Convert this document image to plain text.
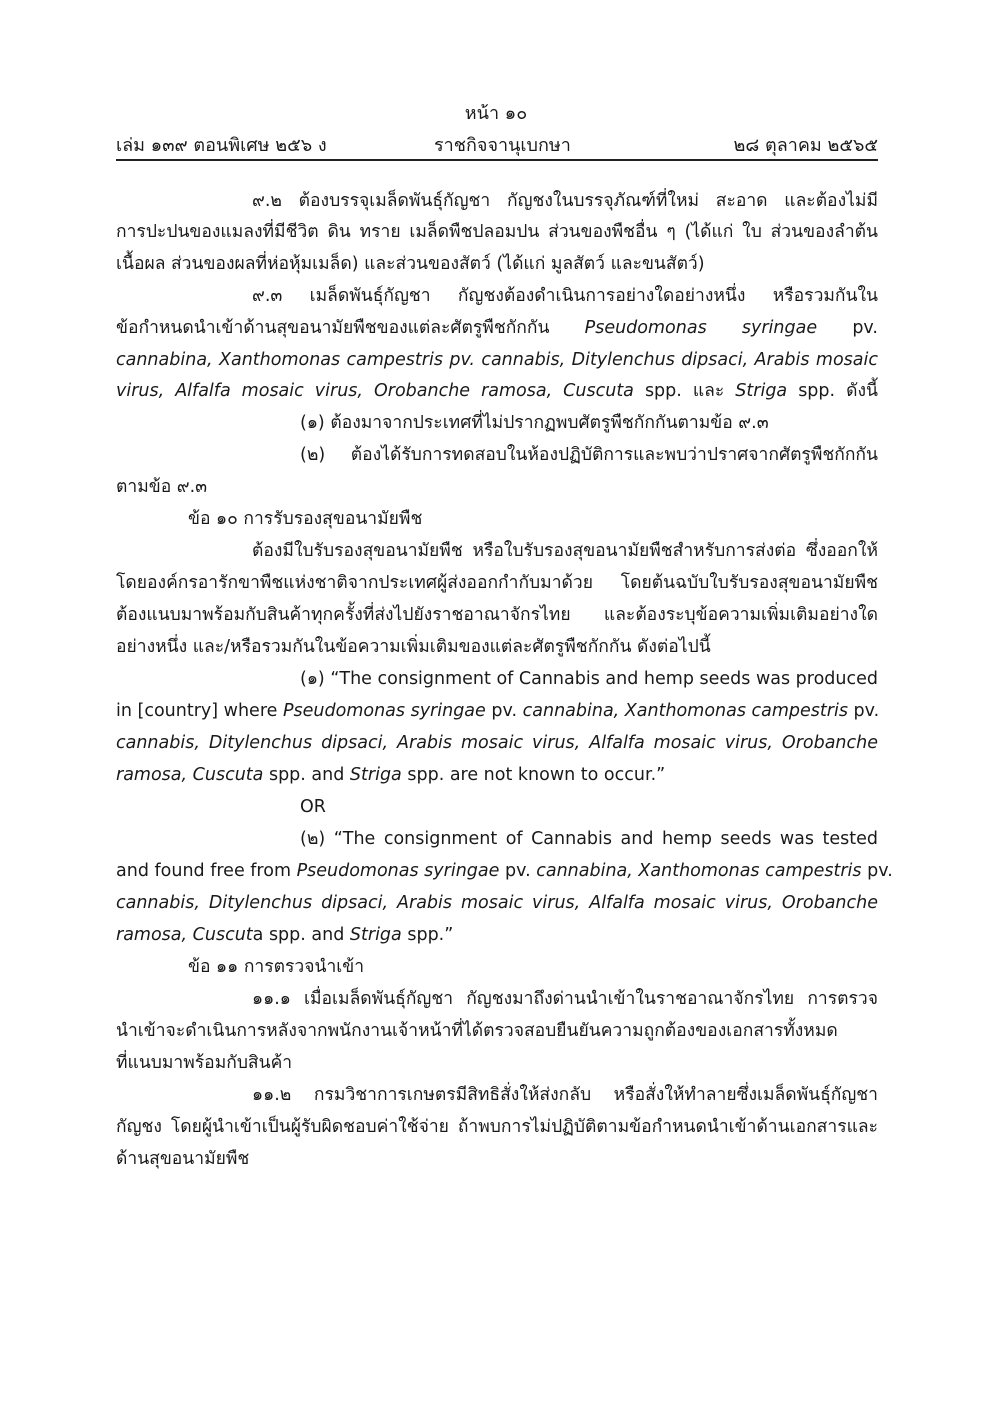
หน้า ๑๐
เล่ม ๑๓๙ ตอนพิเศษ ๒๕๖ ง	ราชกิจจานุเบกษา	๒๘ ตุลาคม ๒๕๖๕
๙.๒ ต้องบรรจุเมล็ดพันธุ์กัญชา กัญชงในบรรจุภัณฑ์ที่ใหม่ สะอาด และต้องไม่มี
การปะปนของแมลงที่มีชีวิต ดิน ทราย เมล็ดพืชปลอมปน ส่วนของพืชอื่น ๆ (ได้แก่ ใบ ส่วนของลำต้น
เนื้อผล ส่วนของผลที่ห่อหุ้มเมล็ด) และส่วนของสัตว์ (ได้แก่ มูลสัตว์ และขนสัตว์)
๙.๓ เมล็ดพันธุ์กัญชา กัญชงต้องดำเนินการอย่างใดอย่างหนึ่ง หรือรวมกันใน
ข้อกำหนดนำเข้าด้านสุขอนามัยพืชของแต่ละศัตรูพืชกักกัน Pseudomonas syringae pv.
cannabina, Xanthomonas campestris pv. cannabis, Ditylenchus dipsaci, Arabis mosaic
virus, Alfalfa mosaic virus, Orobanche ramosa, Cuscuta spp. และ Striga spp. ดังนี้
(๑) ต้องมาจากประเทศที่ไม่ปรากฏพบศัตรูพืชกักกันตามข้อ ๙.๓
(๒) ต้องได้รับการทดสอบในห้องปฏิบัติการและพบว่าปราศจากศัตรูพืชกักกัน
ตามข้อ ๙.๓
ข้อ ๑๐ การรับรองสุขอนามัยพืช
ต้องมีใบรับรองสุขอนามัยพืช หรือใบรับรองสุขอนามัยพืชสำหรับการส่งต่อ ซึ่งออกให้
โดยองค์กรอารักขาพืชแห่งชาติจากประเทศผู้ส่งออกกำกับมาด้วย โดยต้นฉบับใบรับรองสุขอนามัยพืช
ต้องแนบมาพร้อมกับสินค้าทุกครั้งที่ส่งไปยังราชอาณาจักรไทย และต้องระบุข้อความเพิ่มเติมอย่างใด
อย่างหนึ่ง และ/หรือรวมกันในข้อความเพิ่มเติมของแต่ละศัตรูพืชกักกัน ดังต่อไปนี้
(๑) “The consignment of Cannabis and hemp seeds was produced
in [country] where Pseudomonas syringae pv. cannabina, Xanthomonas campestris pv.
cannabis, Ditylenchus dipsaci, Arabis mosaic virus, Alfalfa mosaic virus, Orobanche
ramosa, Cuscuta spp. and Striga spp. are not known to occur.”
OR
(๒) “The consignment of Cannabis and hemp seeds was tested
and found free from Pseudomonas syringae pv. cannabina, Xanthomonas campestris pv.
cannabis, Ditylenchus dipsaci, Arabis mosaic virus, Alfalfa mosaic virus, Orobanche
ramosa, Cuscuta spp. and Striga spp.”
ข้อ ๑๑ การตรวจนำเข้า
๑๑.๑ เมื่อเมล็ดพันธุ์กัญชา กัญชงมาถึงด่านนำเข้าในราชอาณาจักรไทย การตรวจ
นำเข้าจะดำเนินการหลังจากพนักงานเจ้าหน้าที่ได้ตรวจสอบยืนยันความถูกต้องของเอกสารทั้งหมด
ที่แนบมาพร้อมกับสินค้า
๑๑.๒ กรมวิชาการเกษตรมีสิทธิสั่งให้ส่งกลับ หรือสั่งให้ทำลายซึ่งเมล็ดพันธุ์กัญชา
กัญชง โดยผู้นำเข้าเป็นผู้รับผิดชอบค่าใช้จ่าย ถ้าพบการไม่ปฏิบัติตามข้อกำหนดนำเข้าด้านเอกสารและ
ด้านสุขอนามัยพืช
